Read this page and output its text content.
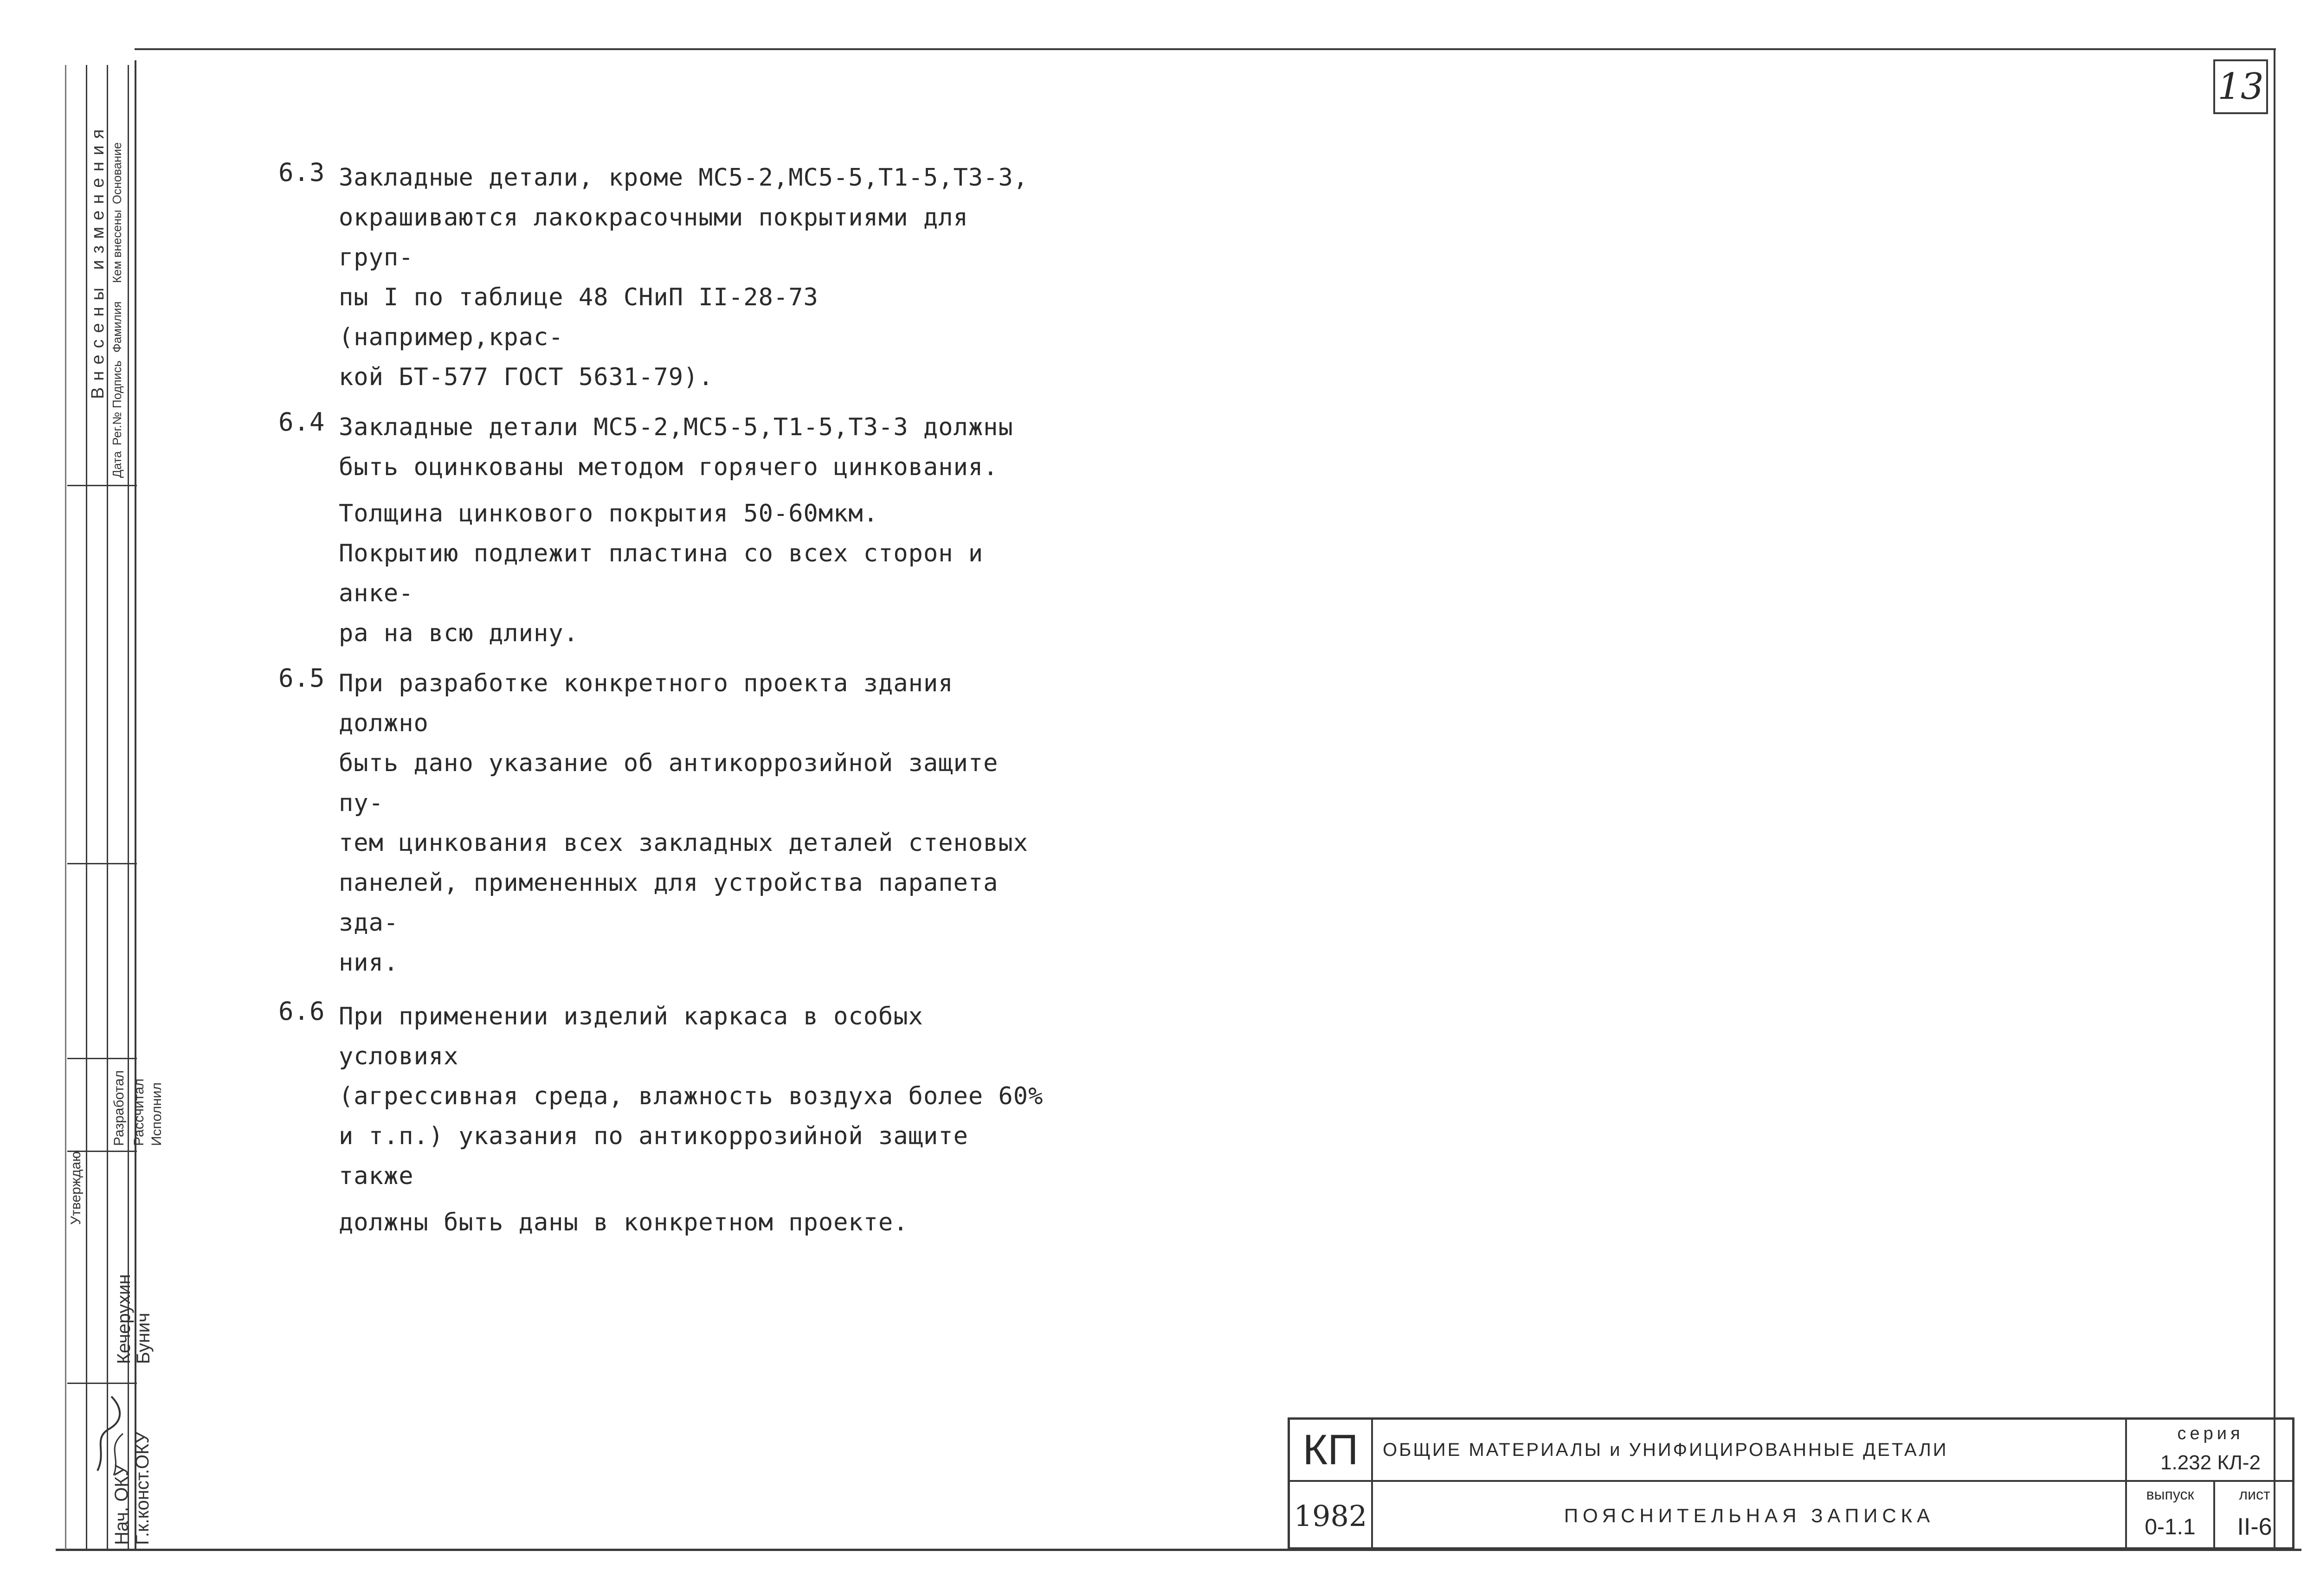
13
Внесены изменения
Дата
Рег.№
Подпись
Фамилия
Кем внесены
Основание
Утверждаю
Разработал Рассчитал Исполнил
Кечерухин
Бунич
Нач. ОКУ Г.к.конст.ОКУ
6.3 Закладные детали, кроме МС5-2,МС5-5,Т1-5,Т3-3,

окрашиваются лакокрасочными покрытиями для груп-

пы I по таблице 48 СНиП II-28-73 (например,крас-

кой БТ-577 ГОСТ 5631-79).

6.4 Закладные детали МС5-2,МС5-5,Т1-5,Т3-3 должны

быть оцинкованы методом горячего цинкования.

Толщина цинкового покрытия 50-60мкм.

Покрытию подлежит пластина со всех сторон и анке-

ра на всю длину.

6.5 При разработке конкретного проекта здания должно

быть дано указание об антикоррозийной защите пу-

тем цинкования всех закладных деталей стеновых

панелей, примененных для устройства парапета зда-

ния.

6.6 При применении изделий каркаса в особых условиях

(агрессивная среда, влажность воздуха более 60%

и т.п.) указания по антикоррозийной защите также

должны быть даны в конкретном проекте.

КП
1982
ОБЩИЕ МАТЕРИАЛЫ и УНИФИЦИРОВАННЫЕ ДЕТАЛИ
ПОЯСНИТЕЛЬНАЯ ЗАПИСКА
серия
1.232 КЛ-2
выпуск
0-1.1
лист
II-6
